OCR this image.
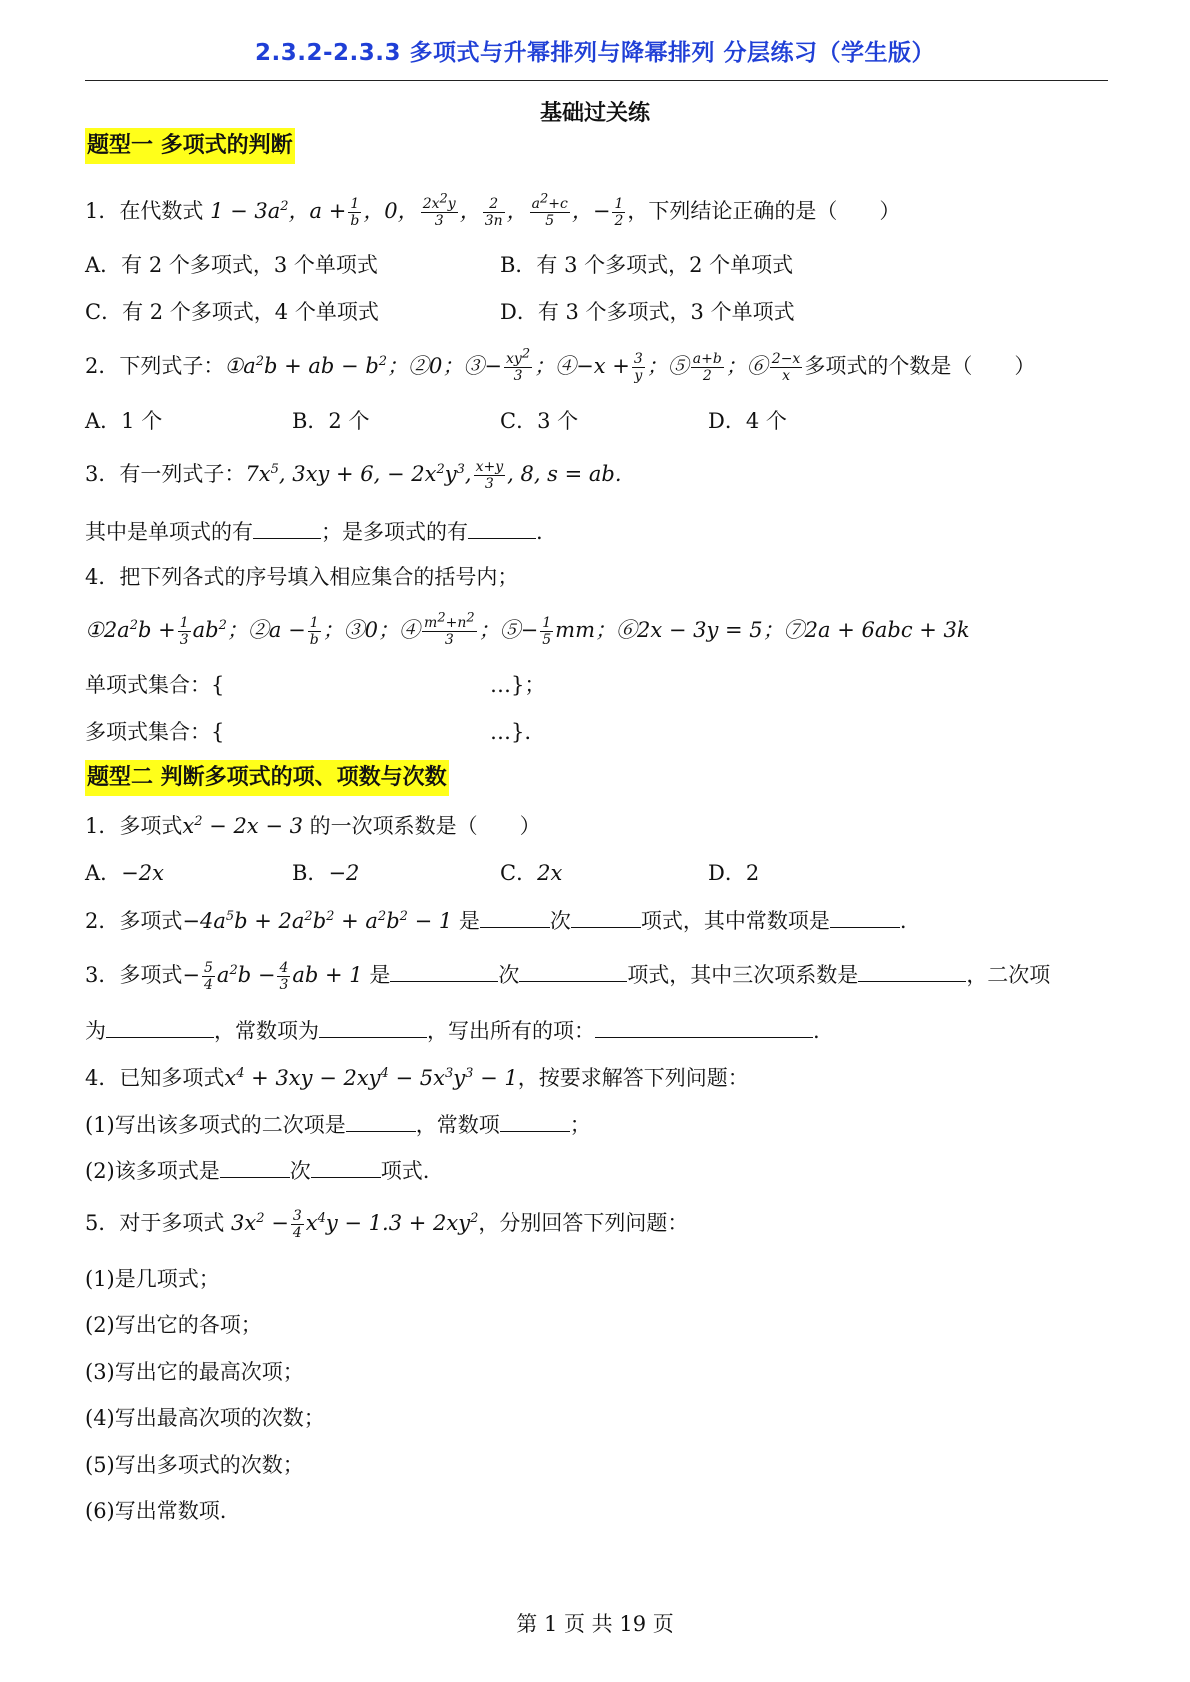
2.3.2-2.3.3 多项式与升幂排列与降幂排列 分层练习（学生版）
基础过关练
题型一 多项式的判断
1．在代数式 $1 - 3a^2$，$a + \frac{1}{b}$ ，0， $\frac{2x^2y}{3}$ ， $\frac{2}{3n}$ ， $\frac{a^2+c}{5}$ ，− $\frac{1}{2}$ ，下列结论正确的是（　　）
A．有 2 个多项式，3 个单项式	B．有 3 个多项式，2 个单项式
C．有 2 个多项式，4 个单项式	D．有 3 个多项式，3 个单项式
2．下列式子：$①a^2b$ + ab − $b^2$；②0；③− $\frac{xy^2}{3}$ ；④−x + $\frac{3}{y}$ ；⑤ $\frac{a+b}{2}$ ；⑥ $\frac{2-x}{x}$ 多项式的个数是（　　）
A．1 个	B．2 个	C．3 个	D．4 个
3．有一列式子：$7x^5$, 3xy + 6, − $2x^2y^3$, $\frac{x+y}{3}$ , 8, s = ab.
其中是单项式的有	；是多项式的有	.
4．把下列各式的序号填入相应集合的括号内；
$①2a^2b + \frac{1}{3} ab^2$；②a − $\frac{1}{b}$ ；③0；④ $\frac{m^2+n^2}{3}$ ；⑤− $\frac{1}{5}$ mm；⑥2x − 3y = 5；⑦2a + 6abc + 3k
单项式集合：{	…}；
多项式集合：{	…}.
题型二 判断多项式的项、项数与次数
1．多项式$x^2 - 2x - 3$ 的一次项系数是（　　）
A．−2x	B．−2	C．2x	D．2
2．多项式$-4a^5b + 2a^2b^2 + a^2b^2 - 1$ 是	次	项式，其中常数项是	.
3．多项式− $\frac{5}{4} a^2b - \frac{4}{3}$ ab + 1 是	次	项式，其中三次项系数是	，二次项
为	，常数项为	，写出所有的项：	.
4．已知多项式$x^4 + 3xy - 2xy^4 - 5x^3y^3 - 1$，按要求解答下列问题：
(1)写出该多项式的二次项是	，常数项	；
(2)该多项式是	次	项式.
5．对于多项式 $3x^2 - \frac{3}{4} x^4y - 1.3 + 2xy^2$，分别回答下列问题：
(1)是几项式；
(2)写出它的各项；
(3)写出它的最高次项；
(4)写出最高次项的次数；
(5)写出多项式的次数；
(6)写出常数项.
第 1 页 共 19 页
